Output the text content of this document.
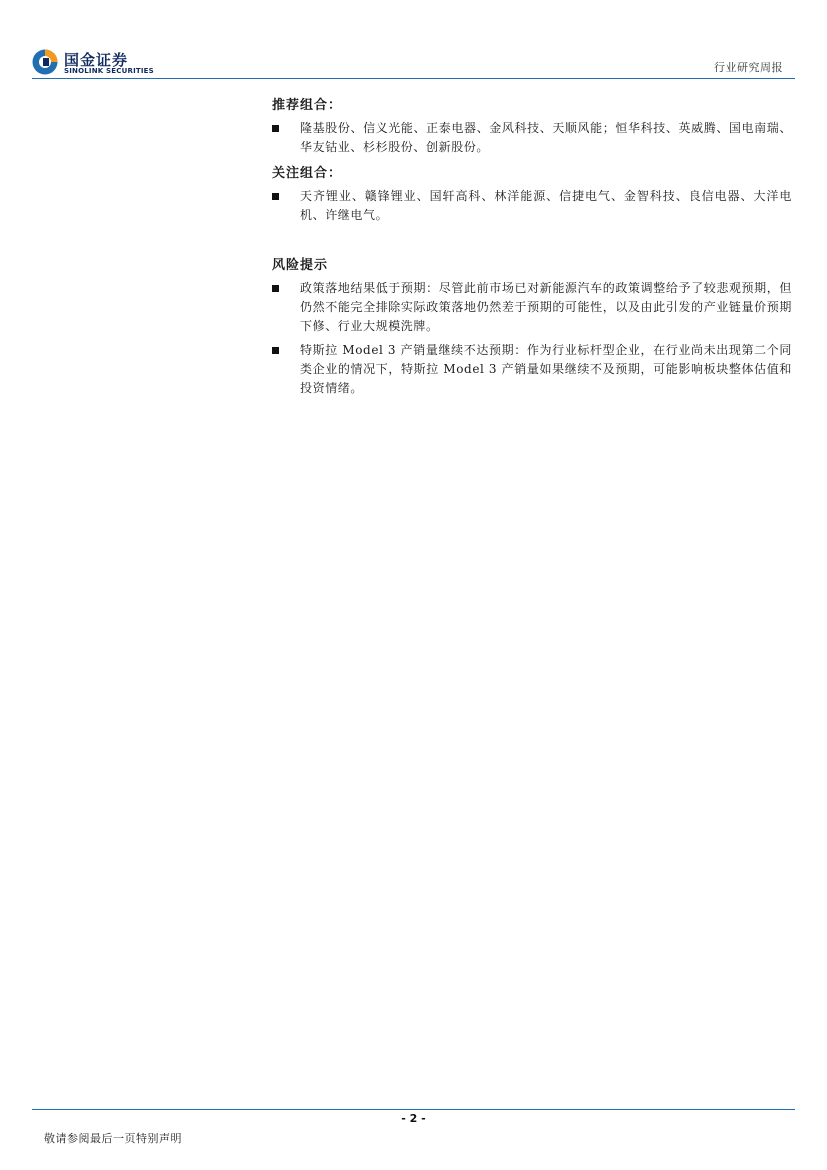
国金证券
SINOLINK SECURITIES	行业研究周报

推荐组合：

隆基股份、信义光能、正泰电器、金风科技、天顺风能；恒华科技、英威腾、国电南瑞、华友钴业、杉杉股份、创新股份。

关注组合：

天齐锂业、赣锋锂业、国轩高科、林洋能源、信捷电气、金智科技、良信电器、大洋电机、许继电气。

风险提示

政策落地结果低于预期：尽管此前市场已对新能源汽车的政策调整给予了较悲观预期，但仍然不能完全排除实际政策落地仍然差于预期的可能性，以及由此引发的产业链量价预期下修、行业大规模洗牌。
特斯拉 Model 3 产销量继续不达预期：作为行业标杆型企业，在行业尚未出现第二个同类企业的情况下，特斯拉 Model 3 产销量如果继续不及预期，可能影响板块整体估值和投资情绪。
- 2 -
敬请参阅最后一页特别声明
